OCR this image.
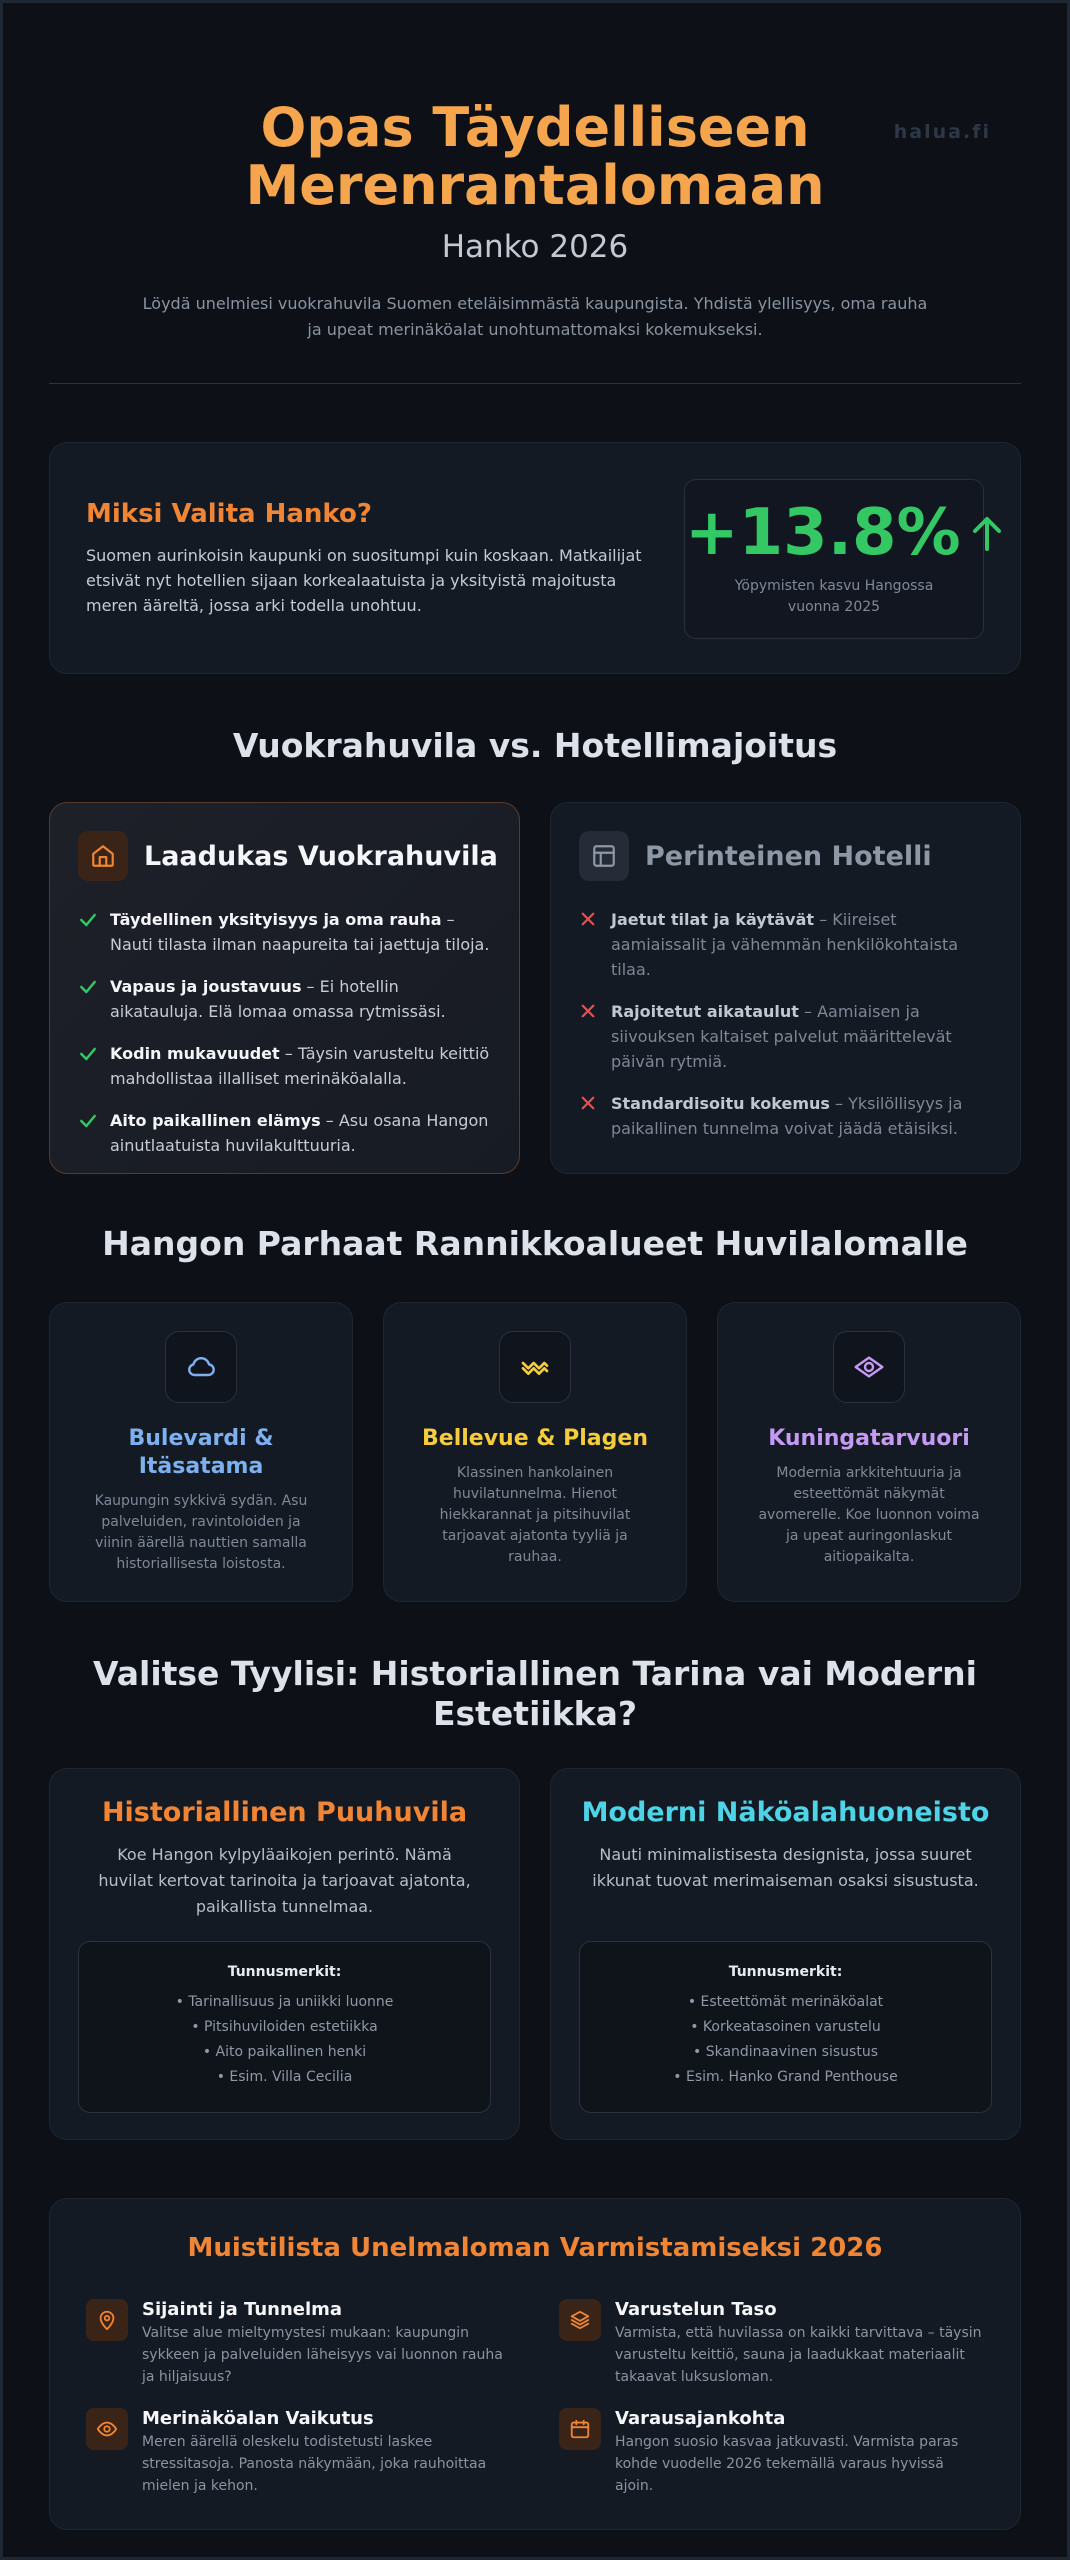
halua.fi
Opas Täydelliseen Merenrantalomaan
Hanko 2026

Löydä unelmiesi vuokrahuvila Suomen eteläisimmästä kaupungista. Yhdistä ylellisyys, oma rauha ja upeat merinäköalat unohtumattomaksi kokemukseksi.

Miksi Valita Hanko?

Suomen aurinkoisin kaupunki on suositumpi kuin koskaan. Matkailijat etsivät nyt hotellien sijaan korkealaatuista ja yksityistä majoitusta meren ääreltä, jossa arki todella unohtuu.

+13.8%
Yöpymisten kasvu Hangossa vuonna 2025
Vuokrahuvila vs. Hotellimajoitus
Laadukas Vuokrahuvila
Täydellinen yksityisyys ja oma rauha – Nauti tilasta ilman naapureita tai jaettuja tiloja.
Vapaus ja joustavuus – Ei hotellin aikatauluja. Elä lomaa omassa rytmissäsi.
Kodin mukavuudet – Täysin varusteltu keittiö mahdollistaa illalliset merinäköalalla.
Aito paikallinen elämys – Asu osana Hangon ainutlaatuista huvilakulttuuria.
Perinteinen Hotelli
Jaetut tilat ja käytävät – Kiireiset aamiaissalit ja vähemmän henkilökohtaista tilaa.
Rajoitetut aikataulut – Aamiaisen ja siivouksen kaltaiset palvelut määrittelevät päivän rytmiä.
Standardisoitu kokemus – Yksilöllisyys ja paikallinen tunnelma voivat jäädä etäisiksi.
Hangon Parhaat Rannikkoalueet Huvilalomalle
Bulevardi & Itäsatama
Kaupungin sykkivä sydän. Asu palveluiden, ravintoloiden ja viinin äärellä nauttien samalla historiallisesta loistosta.
Bellevue & Plagen
Klassinen hankolainen huvilatunnelma. Hienot hiekkarannat ja pitsihuvilat tarjoavat ajatonta tyyliä ja rauhaa.
Kuningatarvuori
Modernia arkkitehtuuria ja esteettömät näkymät avomerelle. Koe luonnon voima ja upeat auringonlaskut aitiopaikalta.
Valitse Tyylisi: Historiallinen Tarina vai Moderni Estetiikka?
Historiallinen Puuhuvila
Koe Hangon kylpyläaikojen perintö. Nämä huvilat kertovat tarinoita ja tarjoavat ajatonta, paikallista tunnelmaa.
Tunnusmerkit:
• Tarinallisuus ja uniikki luonne
• Pitsihuviloiden estetiikka
• Aito paikallinen henki
• Esim. Villa Cecilia
Moderni Näköalahuoneisto
Nauti minimalistisesta designista, jossa suuret ikkunat tuovat merimaiseman osaksi sisustusta.
Tunnusmerkit:
• Esteettömät merinäköalat
• Korkeatasoinen varustelu
• Skandinaavinen sisustus
• Esim. Hanko Grand Penthouse
Muistilista Unelmaloman Varmistamiseksi 2026
Sijainti ja Tunnelma
Valitse alue mieltymystesi mukaan: kaupungin sykkeen ja palveluiden läheisyys vai luonnon rauha ja hiljaisuus?
Varustelun Taso
Varmista, että huvilassa on kaikki tarvittava – täysin varusteltu keittiö, sauna ja laadukkaat materiaalit takaavat luksusloman.
Merinäköalan Vaikutus
Meren äärellä oleskelu todistetusti laskee stressitasoja. Panosta näkymään, joka rauhoittaa mielen ja kehon.
Varausajankohta
Hangon suosio kasvaa jatkuvasti. Varmista paras kohde vuodelle 2026 tekemällä varaus hyvissä ajoin.
